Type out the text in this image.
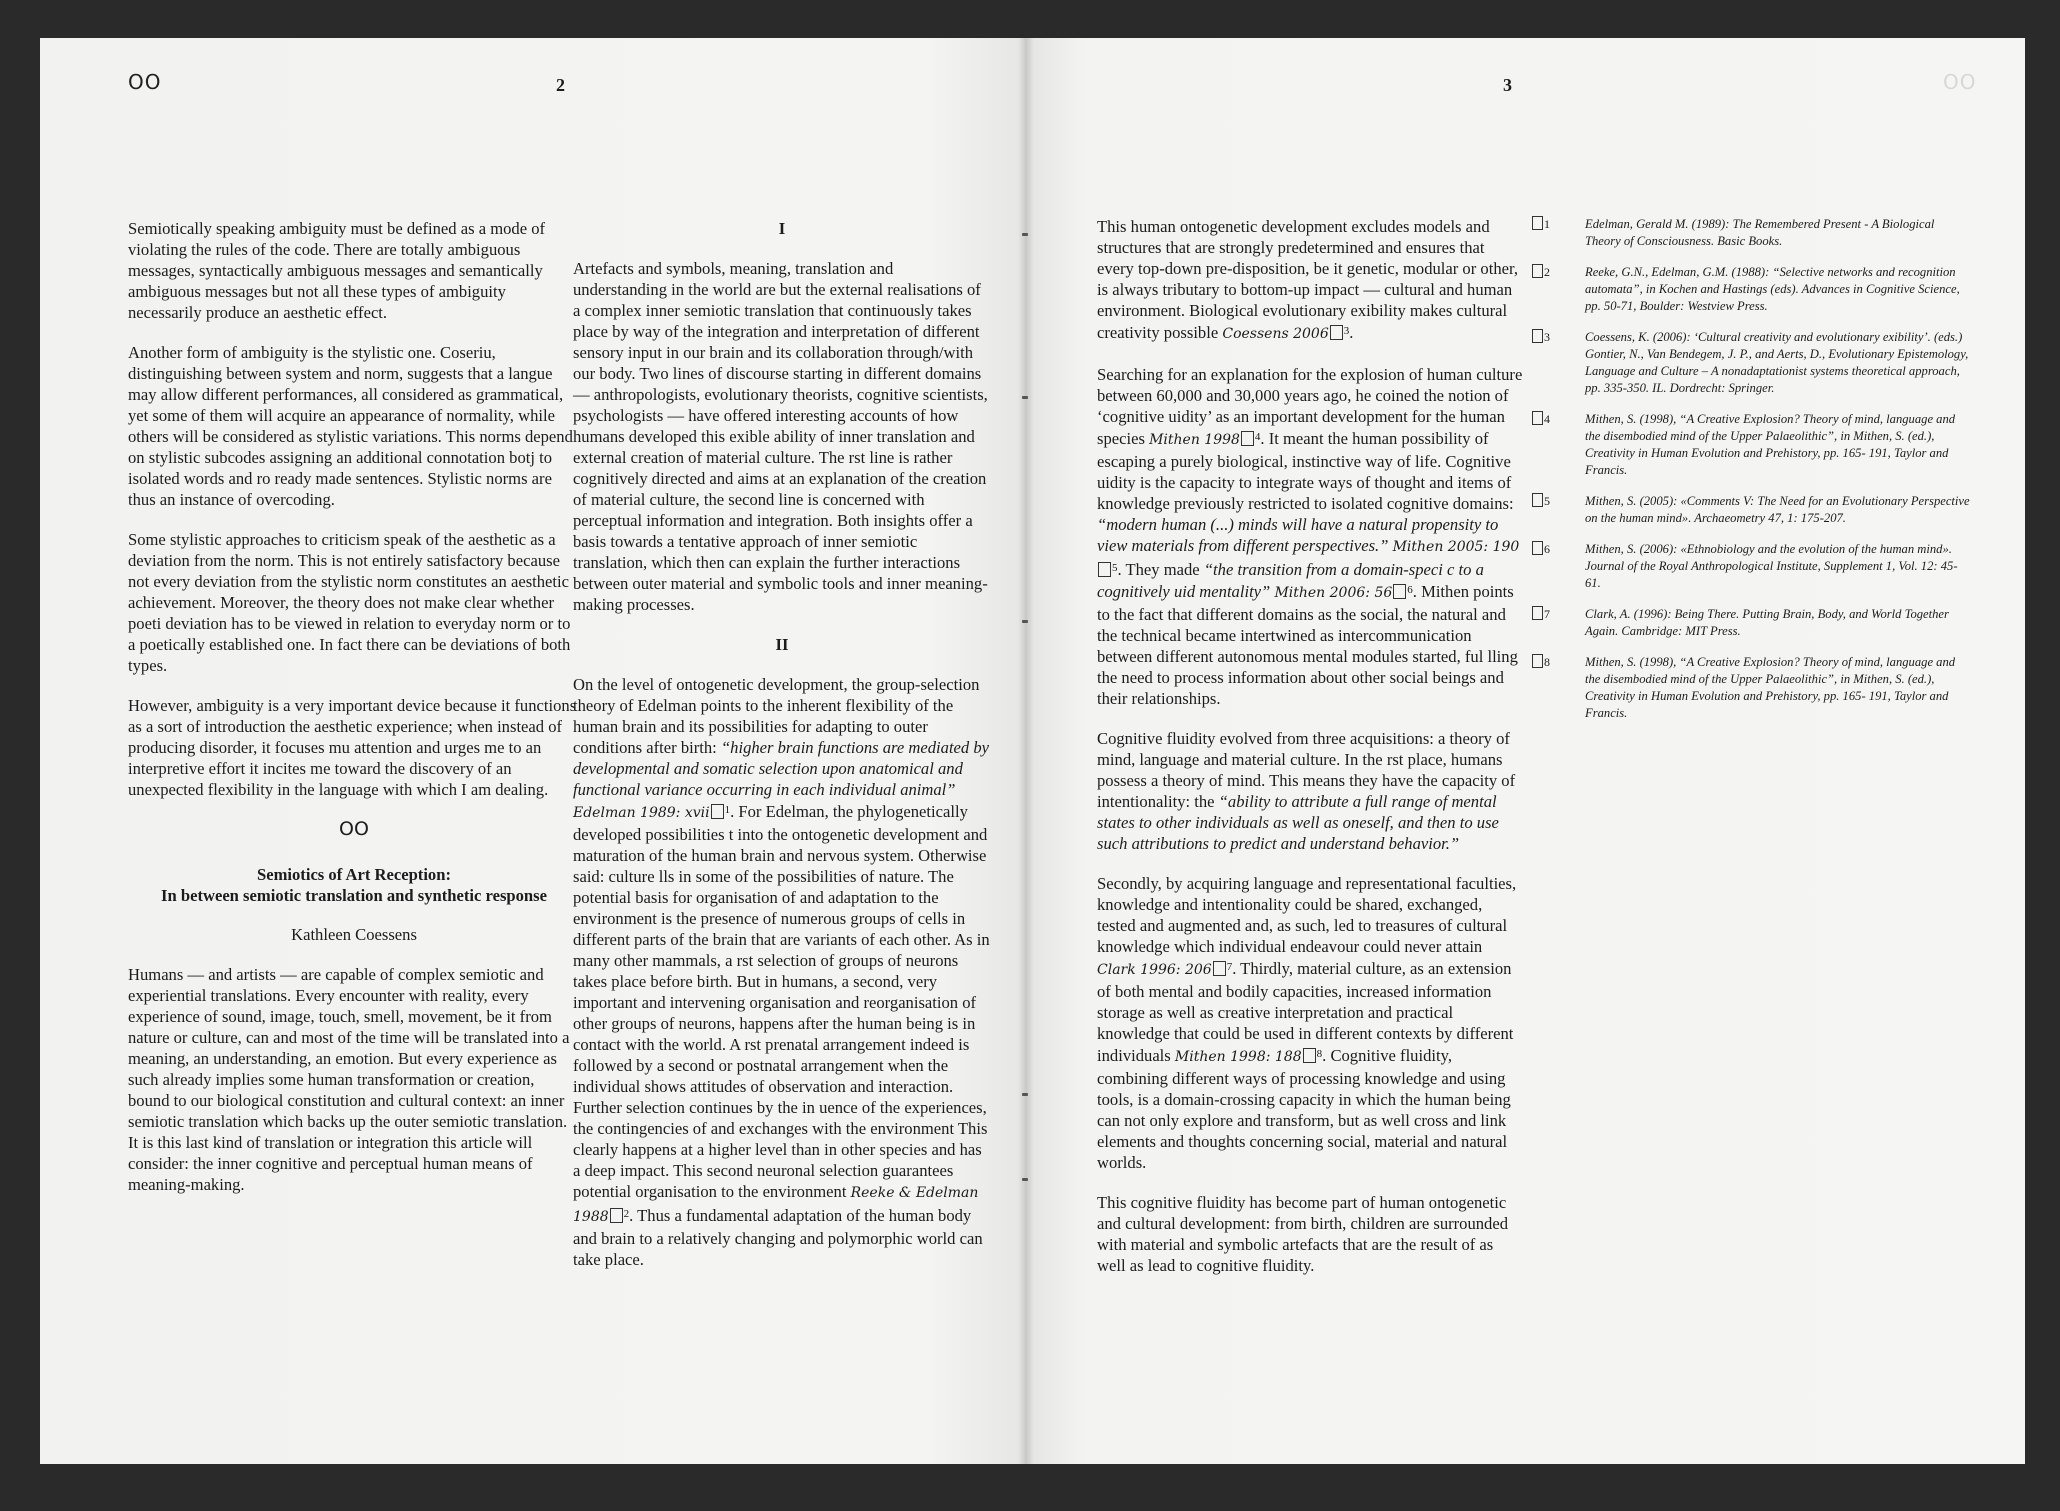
OO	2

Semiotically speaking ambiguity must be defined as a mode of violating the rules of the code. There are totally ambiguous messages, syntactically ambiguous messages and semantically ambiguous messages but not all these types of ambiguity necessarily produce an aesthetic effect.

Another form of ambiguity is the stylistic one. Coseriu, distinguishing between system and norm, suggests that a langue may allow different performances, all considered as grammatical, yet some of them will acquire an appearance of normality, while others will be considered as stylistic variations. This norms depend on stylistic subcodes assigning an additional connotation botj to isolated words and ro ready made sentences. Stylistic norms are thus an instance of overcoding.

Some stylistic approaches to criticism speak of the aesthetic as a deviation from the norm. This is not entirely satisfactory because not every deviation from the stylistic norm constitutes an aesthetic achievement. Moreover, the theory does not make clear whether poeti deviation has to be viewed in relation to everyday norm or to a poetically established one. In fact there can be deviations of both types.

However, ambiguity is a very important device because it functions as a sort of introduction the aesthetic experience; when instead of producing disorder, it focuses mu attention and urges me to an interpretive effort it incites me toward the discovery of an unexpected flexibility in the language with which I am dealing.

OO
Semiotics of Art Reception:
In between semiotic translation and synthetic response
Kathleen Coessens

Humans — and artists — are capable of complex semiotic and experiential translations. Every encounter with reality, every experience of sound, image, touch, smell, movement, be it from nature or culture, can and most of the time will be translated into a meaning, an understanding, an emotion. But every experience as such already implies some human transformation or creation, bound to our biological constitution and cultural context: an inner semiotic translation which backs up the outer semiotic translation. It is this last kind of translation or integration this article will consider: the inner cognitive and perceptual human means of meaning-making.

I

Artefacts and symbols, meaning, translation and understanding in the world are but the external realisations of a complex inner semiotic translation that continuously takes place by way of the integration and interpretation of different sensory input in our brain and its collaboration through/with our body. Two lines of discourse starting in different domains — anthropologists, evolutionary theorists, cognitive scientists, psychologists — have offered interesting accounts of how humans developed this exible ability of inner translation and external creation of material culture. The rst line is rather cognitively directed and aims at an explanation of the creation of material culture, the second line is concerned with perceptual information and integration. Both insights offer a basis towards a tentative approach of inner semiotic translation, which then can explain the further interactions between outer material and symbolic tools and inner meaning-making processes.

II

On the level of ontogenetic development, the group-selection theory of Edelman points to the inherent flexibility of the human brain and its possibilities for adapting to outer conditions after birth: “higher brain functions are mediated by developmental and somatic selection upon anatomical and functional variance occurring in each individual animal” Edelman 1989: xvii $^1$. For Edelman, the phylogenetically developed possibilities t into the ontogenetic development and maturation of the human brain and nervous system. Otherwise said: culture lls in some of the possibilities of nature. The potential basis for organisation of and adaptation to the environment is the presence of numerous groups of cells in different parts of the brain that are variants of each other. As in many other mammals, a rst selection of groups of neurons takes place before birth. But in humans, a second, very important and intervening organisation and reorganisation of other groups of neurons, happens after the human being is in contact with the world. A rst prenatal arrangement indeed is followed by a second or postnatal arrangement when the individual shows attitudes of observation and interaction. Further selection continues by the in uence of the experiences, the contingencies of and exchanges with the environment This clearly happens at a higher level than in other species and has a deep impact. This second neuronal selection guarantees potential organisation to the environment Reeke & Edelman 1988 $^2$. Thus a fundamental adaptation of the human body and brain to a relatively changing and polymorphic world can take place.

3	OO

This human ontogenetic development excludes models and structures that are strongly predetermined and ensures that every top-down pre-disposition, be it genetic, modular or other, is always tributary to bottom-up impact — cultural and human environment. Biological evolutionary exibility makes cultural creativity possible Coessens 2006 $^3$.

Searching for an explanation for the explosion of human culture between 60,000 and 30,000 years ago, he coined the notion of ‘cognitive uidity’ as an important development for the human species Mithen 1998 $^4$. It meant the human possibility of escaping a purely biological, instinctive way of life. Cognitive uidity is the capacity to integrate ways of thought and items of knowledge previously restricted to isolated cognitive domains: “modern human (...) minds will have a natural propensity to view materials from different perspectives.” Mithen 2005: $190^5$. They made “the transition from a domain-speci c to a cognitively uid mentality” Mithen 2006: 56 $^6$. Mithen points to the fact that different domains as the social, the natural and the technical became intertwined as intercommunication between different autonomous mental modules started, ful lling the need to process information about other social beings and their relationships.

Cognitive fluidity evolved from three acquisitions: a theory of mind, language and material culture. In the rst place, humans possess a theory of mind. This means they have the capacity of intentionality: the “ability to attribute a full range of mental states to other individuals as well as oneself, and then to use such attributions to predict and understand behavior.”

Secondly, by acquiring language and representational faculties, knowledge and intentionality could be shared, exchanged, tested and augmented and, as such, led to treasures of cultural knowledge which individual endeavour could never attain Clark 1996: 206 $^7$. Thirdly, material culture, as an extension of both mental and bodily capacities, increased information storage as well as creative interpretation and practical knowledge that could be used in different contexts by different individuals Mithen 1998: 188 $^8$. Cognitive fluidity, combining different ways of processing knowledge and using tools, is a domain-crossing capacity in which the human being can not only explore and transform, but as well cross and link elements and thoughts concerning social, material and natural worlds.

This cognitive fluidity has become part of human ontogenetic and cultural development: from birth, children are surrounded with material and symbolic artefacts that are the result of as well as lead to cognitive fluidity.

1	Edelman, Gerald M. (1989): The Remembered Present - A Biological Theory of Consciousness. Basic Books.
2	Reeke, G.N., Edelman, G.M. (1988): “Selective networks and recognition automata”, in Kochen and Hastings (eds). Advances in Cognitive Science, pp. 50-71, Boulder: Westview Press.
3	Coessens, K. (2006): ‘Cultural creativity and evolutionary exibility’. (eds.) Gontier, N., Van Bendegem, J. P., and Aerts, D., Evolutionary Epistemology, Language and Culture – A nonadaptationist systems theoretical approach, pp. 335-350. IL. Dordrecht: Springer.
4	Mithen, S. (1998), “A Creative Explosion? Theory of mind, language and the disembodied mind of the Upper Palaeolithic”, in Mithen, S. (ed.), Creativity in Human Evolution and Prehistory, pp. 165- 191, Taylor and Francis.
5	Mithen, S. (2005): «Comments V: The Need for an Evolutionary Perspective on the human mind». Archaeometry 47, 1: 175-207.
6	Mithen, S. (2006): «Ethnobiology and the evolution of the human mind». Journal of the Royal Anthropological Institute, Supplement 1, Vol. 12: 45-61.
7	Clark, A. (1996): Being There. Putting Brain, Body, and World Together Again. Cambridge: MIT Press.
8	Mithen, S. (1998), “A Creative Explosion? Theory of mind, language and the disembodied mind of the Upper Palaeolithic”, in Mithen, S. (ed.), Creativity in Human Evolution and Prehistory, pp. 165- 191, Taylor and Francis.
